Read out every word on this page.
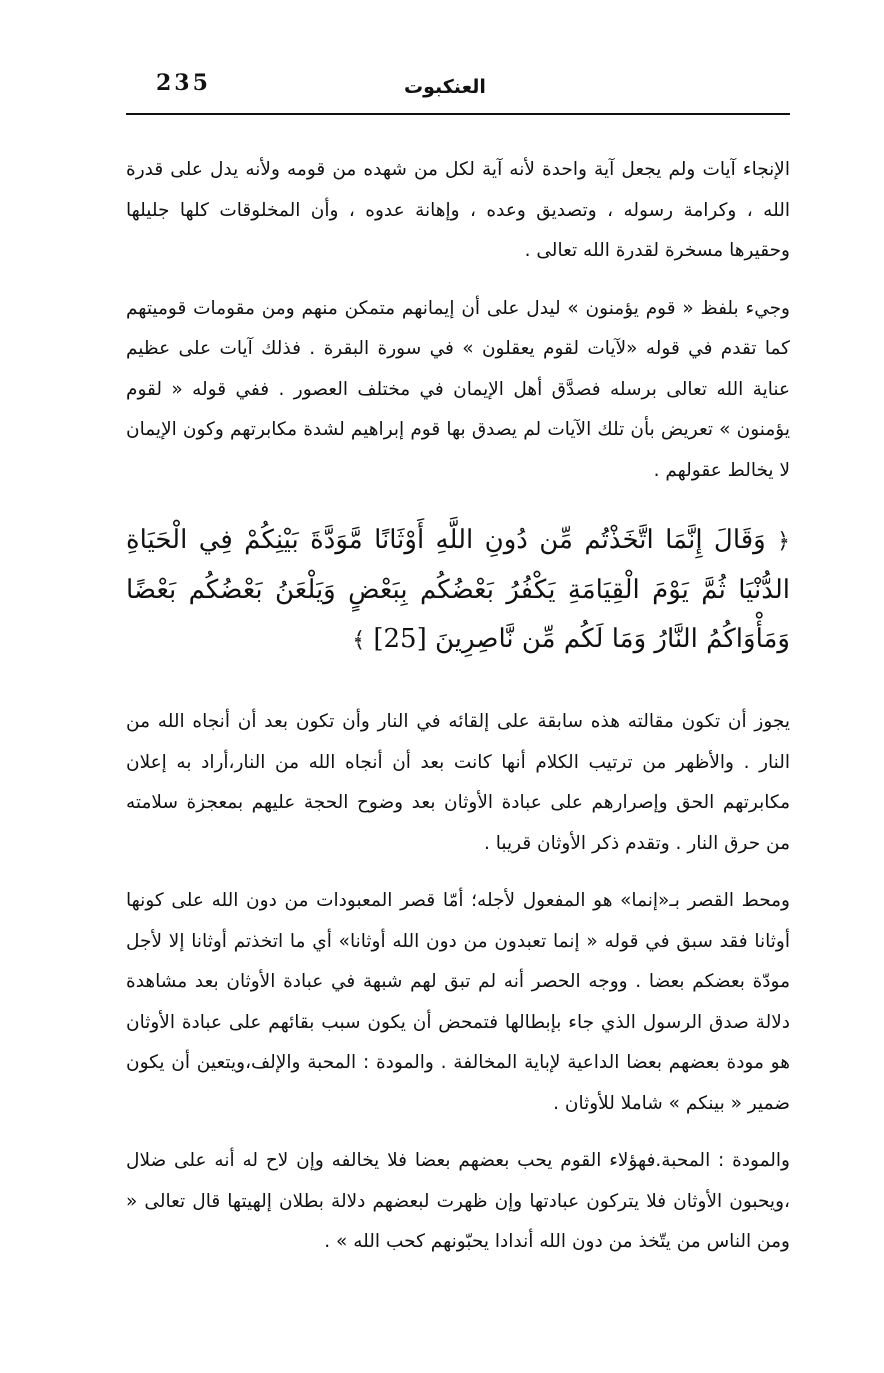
235	العنكبوت

الإنجاء آيات ولم يجعل آية واحدة لأنه آية لكل من شهده من قومه ولأنه يدل على قدرة الله ، وكرامة رسوله ، وتصديق وعده ، وإهانة عدوه ، وأن المخلوقات كلها جليلها وحقيرها مسخرة لقدرة الله تعالى .

وجيء بلفظ « قوم يؤمنون » ليدل على أن إيمانهم متمكن منهم ومن مقومات قوميتهم كما تقدم في قوله «لآيات لقوم يعقلون » في سورة البقرة . فذلك آيات على عظيم عناية الله تعالى برسله فصدَّق أهل الإيمان في مختلف العصور . ففي قوله « لقوم يؤمنون » تعريض بأن تلك الآيات لم يصدق بها قوم إبراهيم لشدة مكابرتهم وكون الإيمان لا يخالط عقولهم .

﴿ وَقَالَ إِنَّمَا اتَّخَذْتُم مِّن دُونِ اللَّهِ أَوْثَانًا مَّوَدَّةَ بَيْنِكُمْ فِي الْحَيَاةِ الدُّنْيَا ثُمَّ يَوْمَ الْقِيَامَةِ يَكْفُرُ بَعْضُكُم بِبَعْضٍ وَيَلْعَنُ بَعْضُكُم بَعْضًا وَمَأْوَاكُمُ النَّارُ وَمَا لَكُم مِّن نَّاصِرِينَ [25] ﴾

يجوز أن تكون مقالته هذه سابقة على إلقائه في النار وأن تكون بعد أن أنجاه الله من النار . والأظهر من ترتيب الكلام أنها كانت بعد أن أنجاه الله من النار،أراد به إعلان مكابرتهم الحق وإصرارهم على عبادة الأوثان بعد وضوح الحجة عليهم بمعجزة سلامته من حرق النار . وتقدم ذكر الأوثان قريبا .

ومحط القصر بـ«إنما» هو المفعول لأجله؛ أمّا قصر المعبودات من دون الله على كونها أوثانا فقد سبق في قوله « إنما تعبدون من دون الله أوثانا» أي ما اتخذتم أوثانا إلا لأجل مودّة بعضكم بعضا . ووجه الحصر أنه لم تبق لهم شبهة في عبادة الأوثان بعد مشاهدة دلالة صدق الرسول الذي جاء بإبطالها فتمحض أن يكون سبب بقائهم على عبادة الأوثان هو مودة بعضهم بعضا الداعية لإباية المخالفة . والمودة : المحبة والإلف،ويتعين أن يكون ضمير « بينكم » شاملا للأوثان .

والمودة : المحبة.فهؤلاء القوم يحب بعضهم بعضا فلا يخالفه وإن لاح له أنه على ضلال ،ويحبون الأوثان فلا يتركون عبادتها وإن ظهرت لبعضهم دلالة بطلان إلهيتها قال تعالى « ومن الناس من يتّخذ من دون الله أندادا يحبّونهم كحب الله » .
